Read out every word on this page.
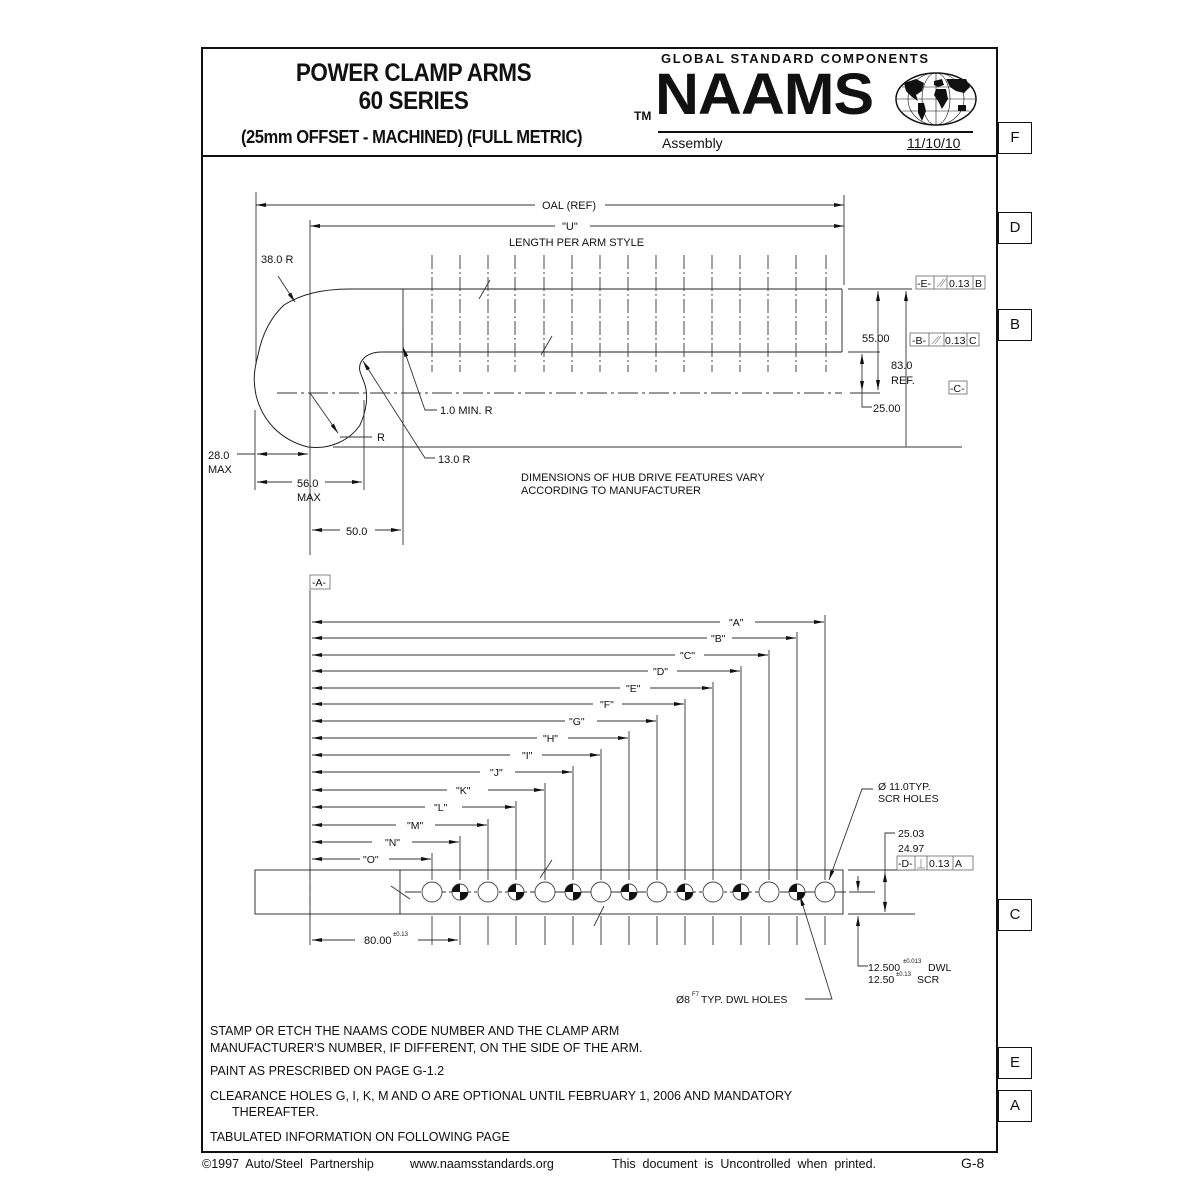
POWER CLAMP ARMS
60 SERIES
(25mm OFFSET - MACHINED) (FULL METRIC)
GLOBAL STANDARD COMPONENTS
TM NAAMS
Assembly	11/10/10	F
D
B
C
E
A
-E- 0.13 B
-B- 0.13 C
-C-
OAL (REF)
"U"
LENGTH PER ARM STYLE
38.0 R
55.00
83.0
REF.
25.00
1.0 MIN. R
R
13.0 R
28.0
MAX
56.0
MAX
50.0
DIMENSIONS OF HUB DRIVE FEATURES VARY
ACCORDING TO MANUFACTURER
-A-
"A"
"B"
"C"
"D"
"E"
"F"
"G"
"H"
"I"
"J"
"K"
"L"
"M"
"N"
"O"
Ø 11.0TYP.
SCR HOLES
25.03
24.97
-D- 0.13 A
80.00 ±0.13
12.500 ±0.013 DWL
12.50 ±0.13 SCR
Ø8 F7 TYP. DWL HOLES
STAMP OR ETCH THE NAAMS CODE NUMBER AND THE CLAMP ARM
MANUFACTURER'S NUMBER, IF DIFFERENT, ON THE SIDE OF THE ARM.
PAINT AS PRESCRIBED ON PAGE G-1.2
CLEARANCE HOLES G, I, K, M AND O ARE OPTIONAL UNTIL FEBRUARY 1, 2006 AND MANDATORY
THEREAFTER.
TABULATED INFORMATION ON FOLLOWING PAGE
©1997  Auto/Steel  Partnership	www.naamsstandards.org	This  document  is  Uncontrolled  when  printed.	G-8
